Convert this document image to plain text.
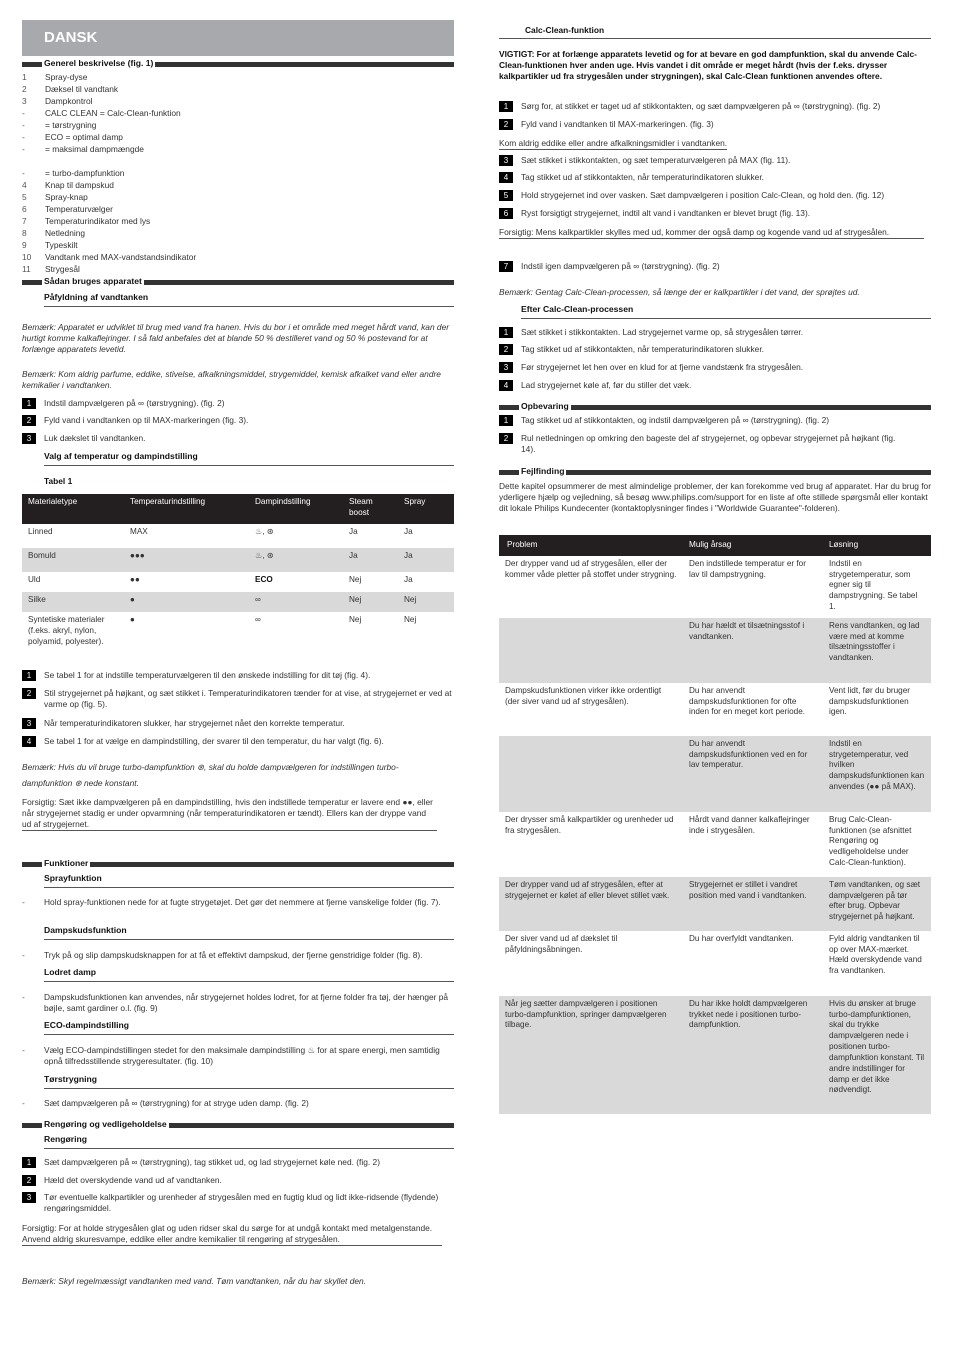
DANSK
Generel beskrivelse (fig. 1)
1 Spray-dyse
2 Dæksel til vandtank
3 Dampkontrol
- CALC CLEAN = Calc-Clean-funktion
- = tørstrygning
- ECO = optimal damp
- = maksimal dampmængde
- = turbo-dampfunktion
4 Knap til dampskud
5 Spray-knap
6 Temperaturvælger
7 Temperaturindikator med lys
8 Netledning
9 Typeskilt
10 Vandtank med MAX-vandstandsindikator
11 Strygesål
Sådan bruges apparatet
Påfyldning af vandtanken
Bemærk: Apparatet er udviklet til brug med vand fra hanen. Hvis du bor i et område med meget hårdt vand, kan der hurtigt komme kalkaflejringer. I så fald anbefales det at blande 50 % destilleret vand og 50 % postevand for at forlænge apparatets levetid.
Bemærk: Kom aldrig parfume, eddike, stivelse, afkalkningsmiddel, strygemiddel, kemisk afkalket vand eller andre kemikalier i vandtanken.
1	Indstil dampvælgeren på ∞ (tørstrygning). (fig. 2)
2	Fyld vand i vandtanken op til MAX-markeringen (fig. 3).
3	Luk dækslet til vandtanken.
Valg af temperatur og dampindstilling
Tabel 1
Materialetype	Temperaturindstilling	Dampindstilling	Steam boost	Spray
Linned	MAX	♨, ⊛	Ja	Ja
Bomuld	●●●	♨, ⊛	Ja	Ja
Uld	●●	ECO	Nej	Ja
Silke	●	∞	Nej	Nej
Syntetiske materialer (f.eks. akryl, nylon, polyamid, polyester).	●	∞	Nej	Nej
1	Se tabel 1 for at indstille temperaturvælgeren til den ønskede indstilling for dit tøj (fig. 4).
2	Stil strygejernet på højkant, og sæt stikket i. Temperaturindikatoren tænder for at vise, at strygejernet er ved at varme op (fig. 5).
3	Når temperaturindikatoren slukker, har strygejernet nået den korrekte temperatur.
4	Se tabel 1 for at vælge en dampindstilling, der svarer til den temperatur, du har valgt (fig. 6).
Bemærk: Hvis du vil bruge turbo-dampfunktion ⊛, skal du holde dampvælgeren for indstillingen turbo-dampfunktion ⊛ nede konstant.
Forsigtig: Sæt ikke dampvælgeren på en dampindstilling, hvis den indstillede temperatur er lavere end ●●, eller når strygejernet stadig er under opvarmning (når temperaturindikatoren er tændt). Ellers kan der dryppe vand ud af strygejernet.
Funktioner
Sprayfunktion
- Hold spray-funktionen nede for at fugte strygetøjet. Det gør det nemmere at fjerne vanskelige folder (fig. 7).
Dampskudsfunktion
- Tryk på og slip dampskudsknappen for at få et effektivt dampskud, der fjerne genstridige folder (fig. 8).
Lodret damp
- Dampskudsfunktionen kan anvendes, når strygejernet holdes lodret, for at fjerne folder fra tøj, der hænger på bøjle, samt gardiner o.l. (fig. 9)
ECO-dampindstilling
- Vælg ECO-dampindstillingen stedet for den maksimale dampindstilling ♨ for at spare energi, men samtidig opnå tilfredsstillende strygeresultater. (fig. 10)
Tørstrygning
- Sæt dampvælgeren på ∞ (tørstrygning) for at stryge uden damp. (fig. 2)
Rengøring og vedligeholdelse
Rengøring
1	Sæt dampvælgeren på ∞ (tørstrygning), tag stikket ud, og lad strygejernet køle ned. (fig. 2)
2	Hæld det overskydende vand ud af vandtanken.
3	Tør eventuelle kalkpartikler og urenheder af strygesålen med en fugtig klud og lidt ikke-ridsende (flydende) rengøringsmiddel.
Forsigtig: For at holde strygesålen glat og uden ridser skal du sørge for at undgå kontakt med metalgenstande. Anvend aldrig skuresvampe, eddike eller andre kemikalier til rengøring af strygesålen.
Bemærk: Skyl regelmæssigt vandtanken med vand. Tøm vandtanken, når du har skyllet den.
Calc-Clean-funktion
VIGTIGT: For at forlænge apparatets levetid og for at bevare en god dampfunktion, skal du anvende Calc-Clean-funktionen hver anden uge. Hvis vandet i dit område er meget hårdt (hvis der f.eks. drysser kalkpartikler ud fra strygesålen under strygningen), skal Calc-Clean funktionen anvendes oftere.
1	Sørg for, at stikket er taget ud af stikkontakten, og sæt dampvælgeren på ∞ (tørstrygning). (fig. 2)
2	Fyld vand i vandtanken til MAX-markeringen. (fig. 3)
Kom aldrig eddike eller andre afkalkningsmidler i vandtanken.
3	Sæt stikket i stikkontakten, og sæt temperaturvælgeren på MAX (fig. 11).
4	Tag stikket ud af stikkontakten, når temperaturindikatoren slukker.
5	Hold strygejernet ind over vasken. Sæt dampvælgeren i position Calc-Clean, og hold den. (fig. 12)
6	Ryst forsigtigt strygejernet, indtil alt vand i vandtanken er blevet brugt (fig. 13).
Forsigtig: Mens kalkpartikler skylles med ud, kommer der også damp og kogende vand ud af strygesålen.
7	Indstil igen dampvælgeren på ∞ (tørstrygning). (fig. 2)
Bemærk: Gentag Calc-Clean-processen, så længe der er kalkpartikler i det vand, der sprøjtes ud.
Efter Calc-Clean-processen
1	Sæt stikket i stikkontakten. Lad strygejernet varme op, så strygesålen tørrer.
2	Tag stikket ud af stikkontakten, når temperaturindikatoren slukker.
3	Før strygejernet let hen over en klud for at fjerne vandstænk fra strygesålen.
4	Lad strygejernet køle af, før du stiller det væk.
Opbevaring
1	Tag stikket ud af stikkontakten, og indstil dampvælgeren på ∞ (tørstrygning). (fig. 2)
2	Rul netledningen op omkring den bageste del af strygejernet, og opbevar strygejernet på højkant (fig. 14).
Fejlfinding
Dette kapitel opsummerer de mest almindelige problemer, der kan forekomme ved brug af apparatet. Har du brug for yderligere hjælp og vejledning, så besøg www.philips.com/support for en liste af ofte stillede spørgsmål eller kontakt dit lokale Philips Kundecenter (kontaktoplysninger findes i "Worldwide Guarantee"-folderen).
Problem	Mulig årsag	Løsning
Der drypper vand ud af strygesålen, eller der kommer våde pletter på stoffet under strygning.	Den indstillede temperatur er for lav til dampstrygning.	Indstil en strygetemperatur, som egner sig til dampstrygning. Se tabel 1.
	Du har hældt et tilsætningsstof i vandtanken.	Rens vandtanken, og lad være med at komme tilsætningsstoffer i vandtanken.
Dampskudsfunktionen virker ikke ordentligt (der siver vand ud af strygesålen).	Du har anvendt dampskudsfunktionen for ofte inden for en meget kort periode.	Vent lidt, før du bruger dampskudsfunktionen igen.
	Du har anvendt dampskudsfunktionen ved en for lav temperatur.	Indstil en strygetemperatur, ved hvilken dampskudsfunktionen kan anvendes (●● på MAX).
Der drysser små kalkpartikler og urenheder ud fra strygesålen.	Hårdt vand danner kalkaflejringer inde i strygesålen.	Brug Calc-Clean-funktionen (se afsnittet Rengøring og vedligeholdelse under Calc-Clean-funktion).
Der drypper vand ud af strygesålen, efter at strygejernet er kølet af eller blevet stillet væk.	Strygejernet er stillet i vandret position med vand i vandtanken.	Tøm vandtanken, og sæt dampvælgeren på tør efter brug. Opbevar strygejernet på højkant.
Der siver vand ud af dækslet til påfyldningsåbningen.	Du har overfyldt vandtanken.	Fyld aldrig vandtanken til op over MAX-mærket. Hæld overskydende vand fra vandtanken.
Når jeg sætter dampvælgeren i positionen turbo-dampfunktion, springer dampvælgeren tilbage.	Du har ikke holdt dampvælgeren trykket nede i positionen turbo-dampfunktion.	Hvis du ønsker at bruge turbo-dampfunktionen, skal du trykke dampvælgeren nede i positionen turbo-dampfunktion konstant. Til andre indstillinger for damp er det ikke nødvendigt.
